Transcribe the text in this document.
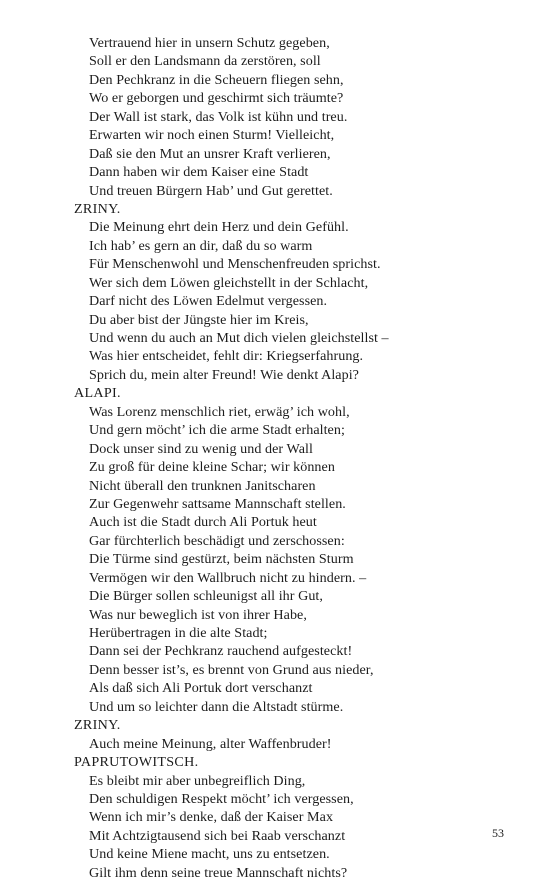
Vertrauend hier in unsern Schutz gegeben,
Soll er den Landsmann da zerstören, soll
Den Pechkranz in die Scheuern fliegen sehn,
Wo er geborgen und geschirmt sich träumte?
Der Wall ist stark, das Volk ist kühn und treu.
Erwarten wir noch einen Sturm! Vielleicht,
Daß sie den Mut an unsrer Kraft verlieren,
Dann haben wir dem Kaiser eine Stadt
Und treuen Bürgern Hab’ und Gut gerettet.
ZRINY.
Die Meinung ehrt dein Herz und dein Gefühl.
Ich hab’ es gern an dir, daß du so warm
Für Menschenwohl und Menschenfreuden sprichst.
Wer sich dem Löwen gleichstellt in der Schlacht,
Darf nicht des Löwen Edelmut vergessen.
Du aber bist der Jüngste hier im Kreis,
Und wenn du auch an Mut dich vielen gleichstellst –
Was hier entscheidet, fehlt dir: Kriegserfahrung.
Sprich du, mein alter Freund! Wie denkt Alapi?
ALAPI.
Was Lorenz menschlich riet, erwäg’ ich wohl,
Und gern möcht’ ich die arme Stadt erhalten;
Dock unser sind zu wenig und der Wall
Zu groß für deine kleine Schar; wir können
Nicht überall den trunknen Janitscharen
Zur Gegenwehr sattsame Mannschaft stellen.
Auch ist die Stadt durch Ali Portuk heut
Gar fürchterlich beschädigt und zerschossen:
Die Türme sind gestürzt, beim nächsten Sturm
Vermögen wir den Wallbruch nicht zu hindern. –
Die Bürger sollen schleunigst all ihr Gut,
Was nur beweglich ist von ihrer Habe,
Herübertragen in die alte Stadt;
Dann sei der Pechkranz rauchend aufgesteckt!
Denn besser ist’s, es brennt von Grund aus nieder,
Als daß sich Ali Portuk dort verschanzt
Und um so leichter dann die Altstadt stürme.
ZRINY.
Auch meine Meinung, alter Waffenbruder!
PAPRUTOWITSCH.
Es bleibt mir aber unbegreiflich Ding,
Den schuldigen Respekt möcht’ ich vergessen,
Wenn ich mir’s denke, daß der Kaiser Max
Mit Achtzigtausend sich bei Raab verschanzt
Und keine Miene macht, uns zu entsetzen.
Gilt ihm denn seine treue Mannschaft nichts?
53
